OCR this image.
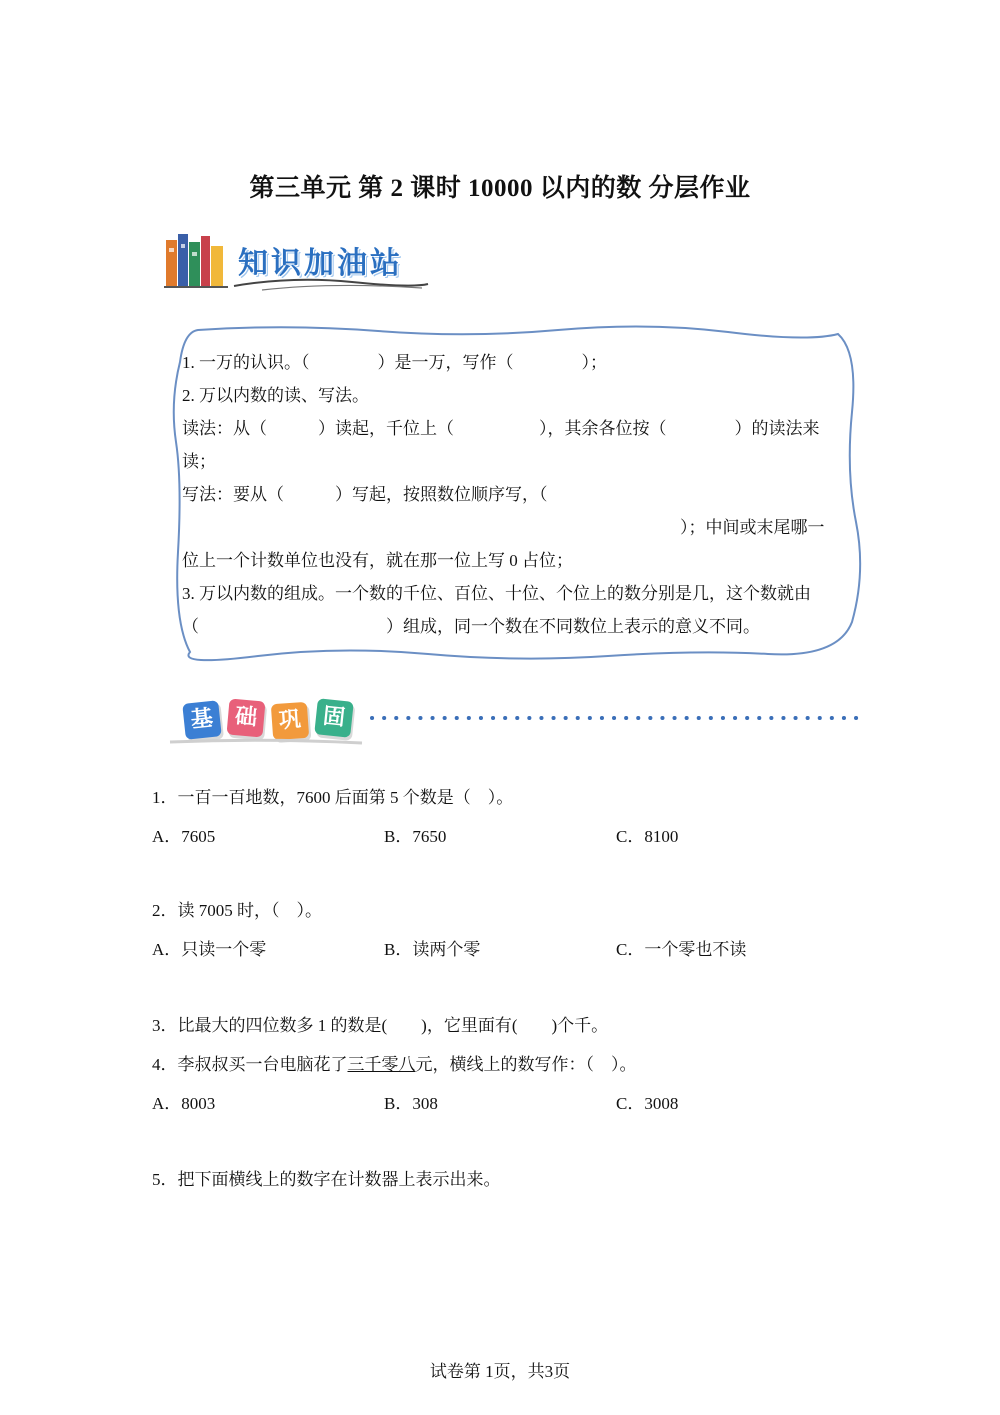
第三单元 第 2 课时 10000 以内的数 分层作业
知识加油站
1. 一万的认识。（　　　　）是一万，写作（　　　　）；
2. 万以内数的读、写法。
读法：从（　　　）读起，千位上（　　　　　），其余各位按（　　　　）的读法来
读；
写法：要从（　　　）写起，按照数位顺序写，（
）；中间或末尾哪一
位上一个计数单位也没有，就在那一位上写 0 占位；
3. 万以内数的组成。一个数的千位、百位、十位、个位上的数分别是几，这个数就由
（　　　　　　　　　　　）组成，同一个数在不同数位上表示的意义不同。
基 础 巩 固
1．一百一百地数，7600 后面第 5 个数是（　）。
A．7605	B．7650	C．8100
2．读 7005 时，（　）。
A．只读一个零	B．读两个零	C．一个零也不读
3．比最大的四位数多 1 的数是(　　)，它里面有(　　)个千。
4．李叔叔买一台电脑花了三千零八元，横线上的数写作：（　）。
A．8003	B．308	C．3008
5．把下面横线上的数字在计数器上表示出来。
试卷第 1页，共3页
